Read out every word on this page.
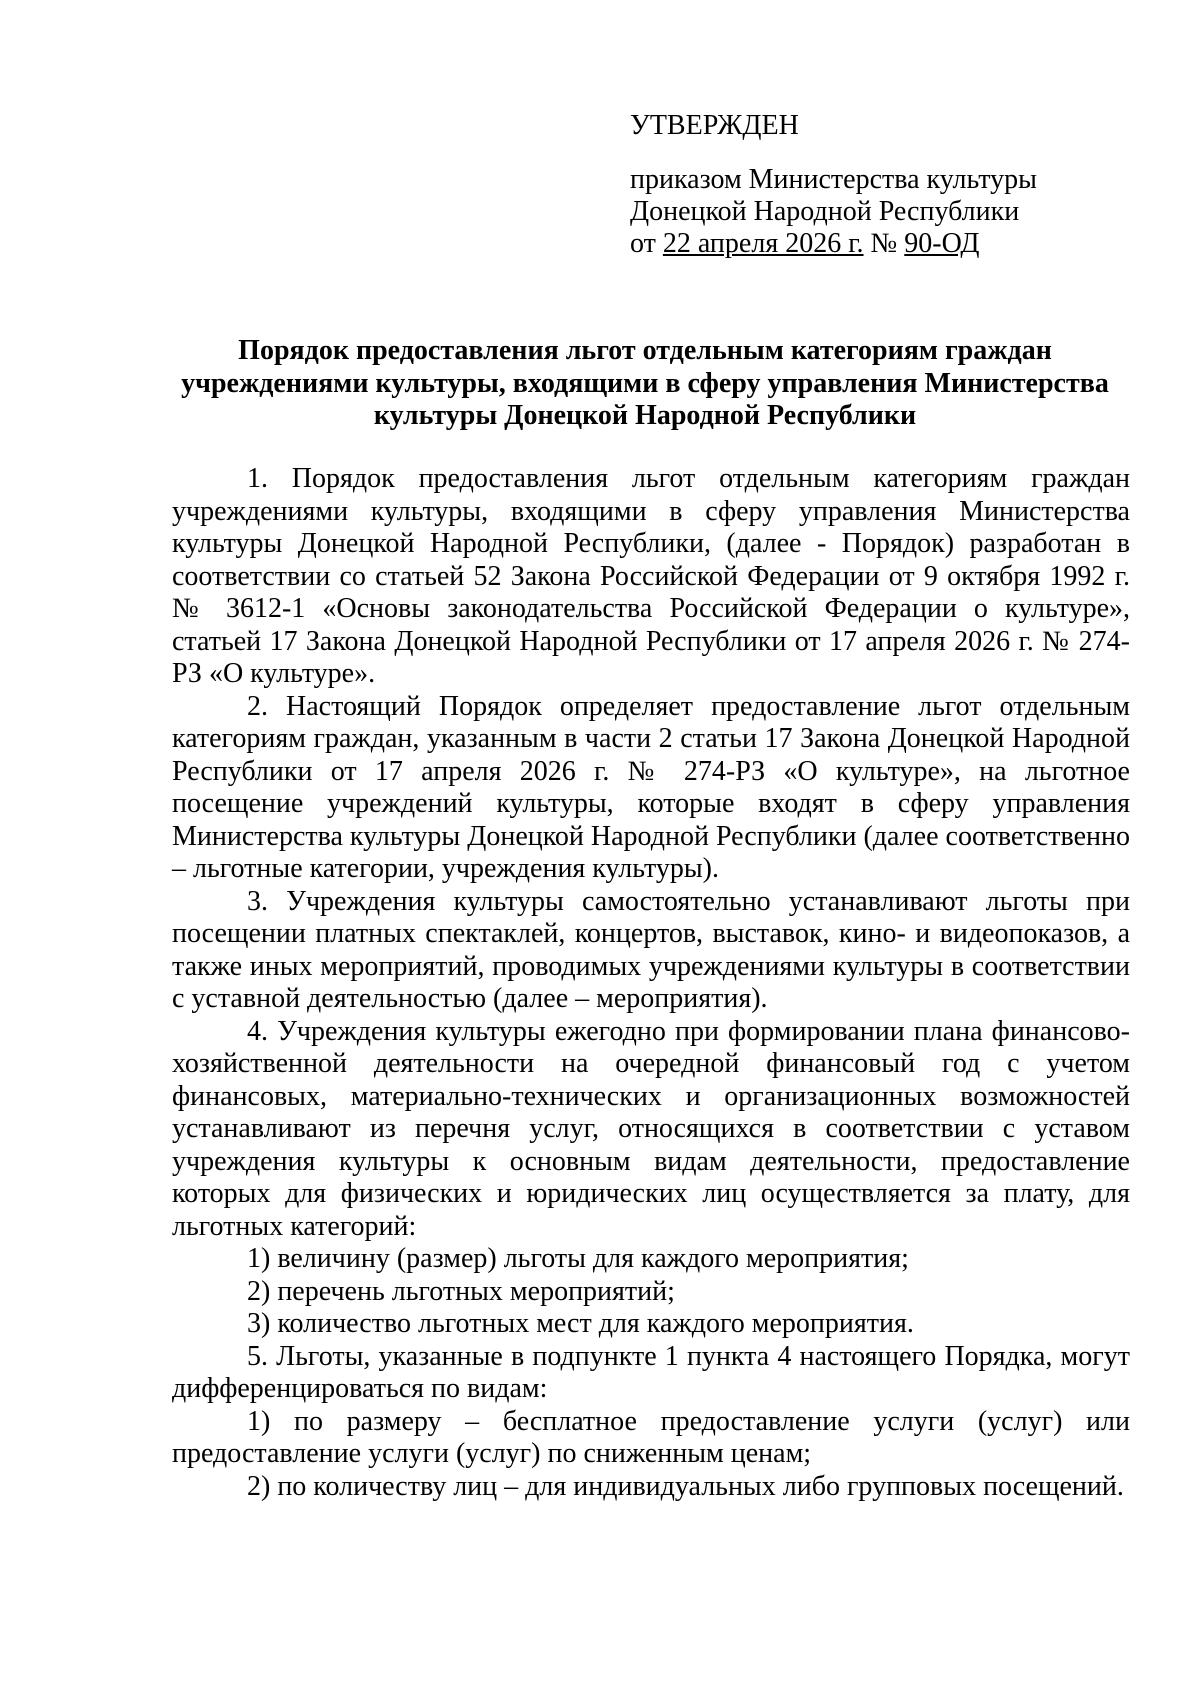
УТВЕРЖДЕН
приказом Министерства культуры
Донецкой Народной Республики
от 22 апреля 2026 г. № 90-ОД
Порядок предоставления льгот отдельным категориям граждан
учреждениями культуры, входящими в сферу управления Министерства
культуры Донецкой Народной Республики

1. Порядок предоставления льгот отдельным категориям граждан учреждениями культуры, входящими в сферу управления Министерства культуры Донецкой Народной Республики, (далее - Порядок) разработан в соответствии со статьей 52 Закона Российской Федерации от 9 октября 1992 г. № 3612-1 «Основы законодательства Российской Федерации о культуре», статьей 17 Закона Донецкой Народной Республики от 17 апреля 2026 г. № 274-РЗ «О культуре».

2. Настоящий Порядок определяет предоставление льгот отдельным категориям граждан, указанным в части 2 статьи 17 Закона Донецкой Народной Республики от 17 апреля 2026 г. № 274-РЗ «О культуре», на льготное посещение учреждений культуры, которые входят в сферу управления Министерства культуры Донецкой Народной Республики (далее соответственно – льготные категории, учреждения культуры).

3. Учреждения культуры самостоятельно устанавливают льготы при посещении платных спектаклей, концертов, выставок, кино- и видеопоказов, а также иных мероприятий, проводимых учреждениями культуры в соответствии с уставной деятельностью (далее – мероприятия).

4. Учреждения культуры ежегодно при формировании плана финансово-хозяйственной деятельности на очередной финансовый год с учетом финансовых, материально-технических и организационных возможностей устанавливают из перечня услуг, относящихся в соответствии с уставом учреждения культуры к основным видам деятельности, предоставление которых для физических и юридических лиц осуществляется за плату, для льготных категорий:

1) величину (размер) льготы для каждого мероприятия;

2) перечень льготных мероприятий;

3) количество льготных мест для каждого мероприятия.

5. Льготы, указанные в подпункте 1 пункта 4 настоящего Порядка, могут дифференцироваться по видам:

1) по размеру – бесплатное предоставление услуги (услуг) или предоставление услуги (услуг) по сниженным ценам;

2) по количеству лиц – для индивидуальных либо групповых посещений.
